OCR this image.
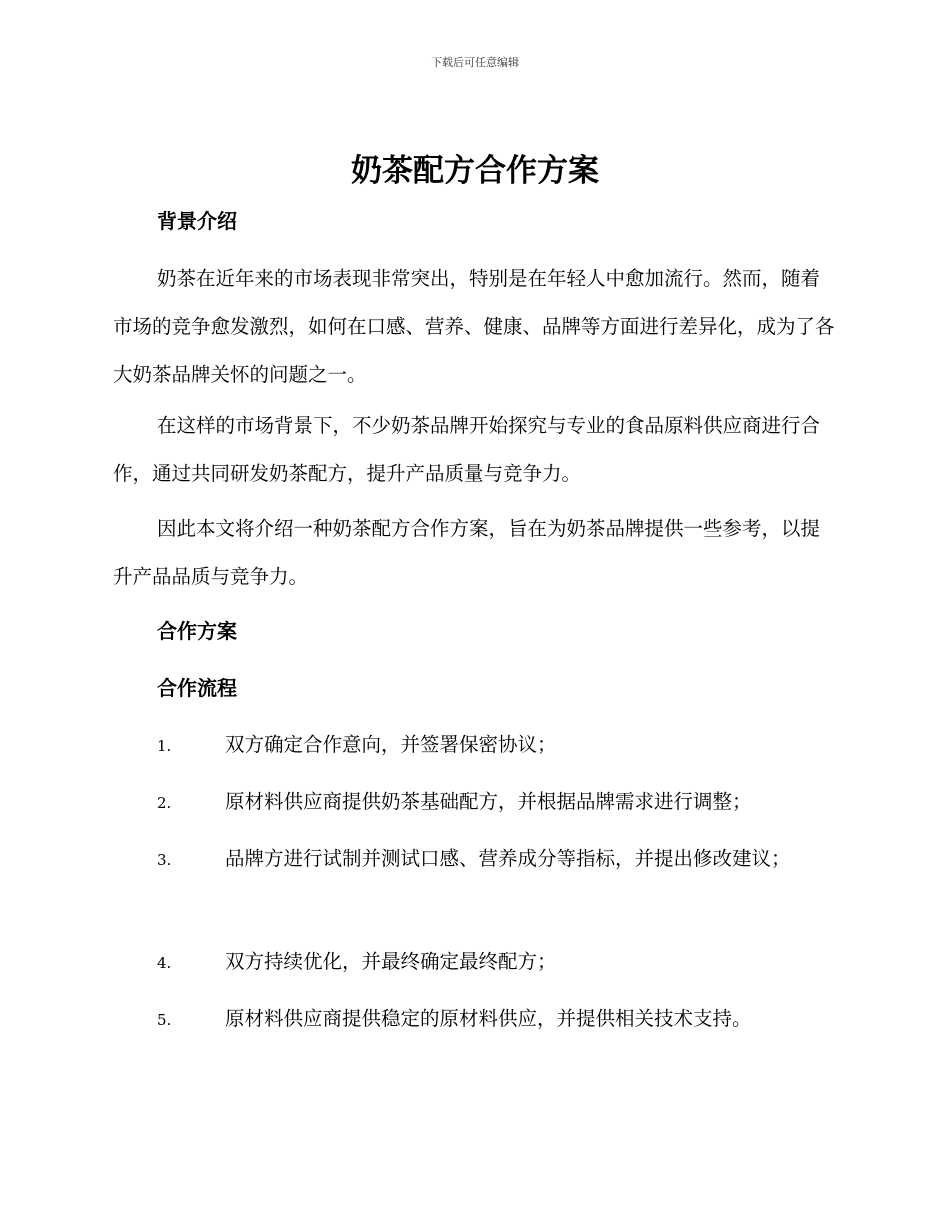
下载后可任意编辑
奶茶配方合作方案
背景介绍

奶茶在近年来的市场表现非常突出，特别是在年轻人中愈加流行。然而，随着市场的竞争愈发激烈，如何在口感、营养、健康、品牌等方面进行差异化，成为了各大奶茶品牌关怀的问题之一。

在这样的市场背景下，不少奶茶品牌开始探究与专业的食品原料供应商进行合作，通过共同研发奶茶配方，提升产品质量与竞争力。

因此本文将介绍一种奶茶配方合作方案，旨在为奶茶品牌提供一些参考，以提升产品品质与竞争力。

合作方案
合作流程

1.	双方确定合作意向，并签署保密协议；

2.	原材料供应商提供奶茶基础配方，并根据品牌需求进行调整；

3.	品牌方进行试制并测试口感、营养成分等指标，并提出修改建议；

4.	双方持续优化，并最终确定最终配方；

5.	原材料供应商提供稳定的原材料供应，并提供相关技术支持。
